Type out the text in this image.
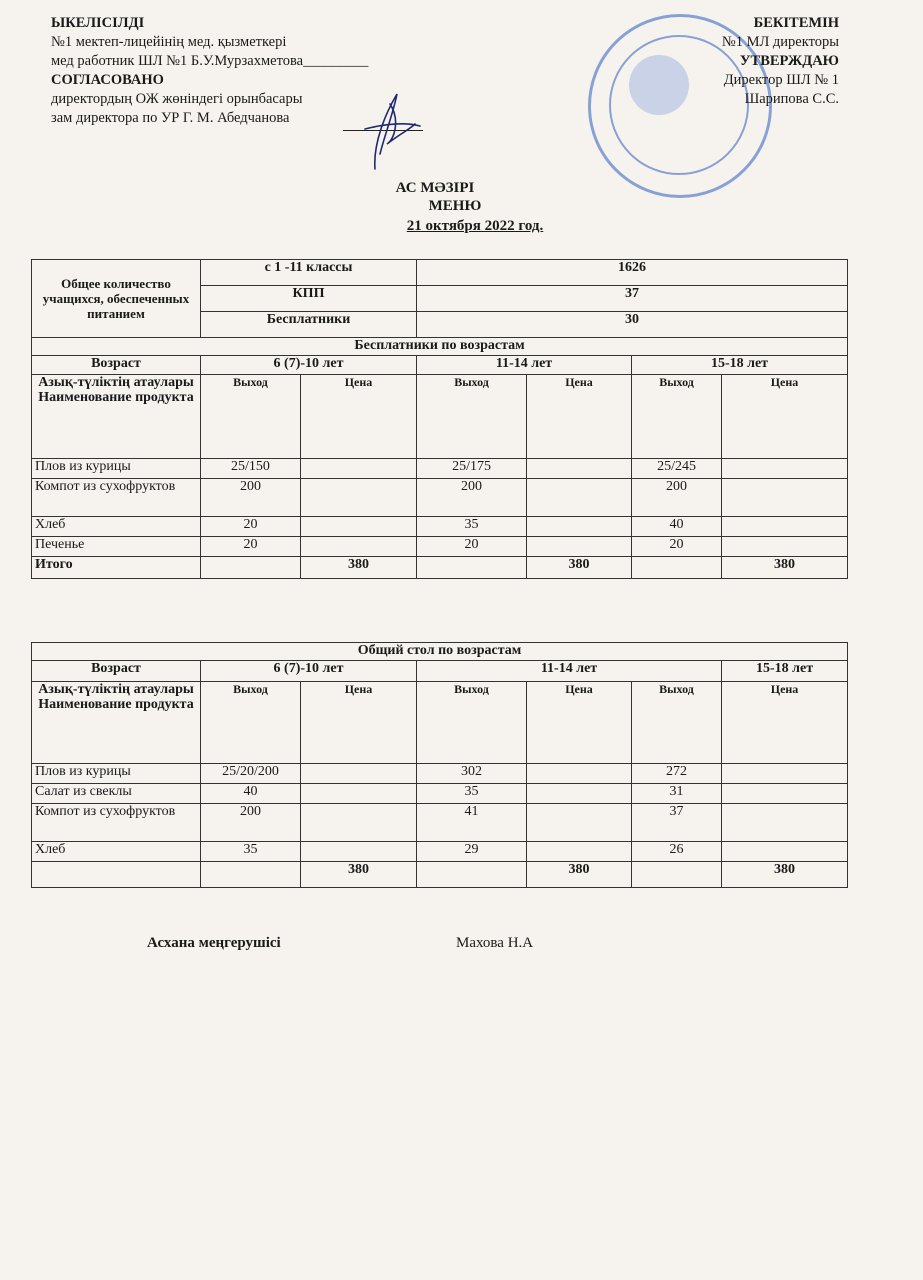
ЫКЕЛІСІЛДІ
№1 мектеп-лицейінің мед. қызметкері
мед работник ШЛ №1 Б.У.Мурзахметова_________
СОГЛАСОВАНО
директордың ОЖ жөніндегі орынбасары
зам директора по УР Г. М. Абедчанова
БЕКІТЕМІН
№1 МЛ директоры
УТВЕРЖДАЮ
Директор ШЛ № 1
Шарипова С.С.
АС МӘЗІРІ
МЕНЮ
21 октября 2022 год.
Общее количество учащихся, обеспеченных питанием	с 1 -11 классы		1626			
	КПП		37			
	Бесплатники		30			
Бесплатники по возрастам						
Возраст	6 (7)-10 лет		11-14 лет		15-18 лет	
Азық-түліктің атаулары Наименование продукта	Выход	Цена	Выход	Цена	Выход	Цена
Плов из курицы	25/150		25/175		25/245	
Компот из сухофруктов	200		200		200	
Хлеб	20		35		40	
Печенье	20		20		20	
Итого		380		380		380
Общий стол по возрастам						
Возраст	6 (7)-10 лет		11-14 лет			15-18 лет
Азық-түліктің атаулары Наименование продукта	Выход	Цена	Выход	Цена	Выход	Цена
Плов из курицы	25/20/200		302		272	
Салат из свеклы	40		35		31	
Компот из сухофруктов	200		41		37	
Хлеб	35		29		26	
		380		380		380
Асхана меңгерушісі	Махова Н.А
